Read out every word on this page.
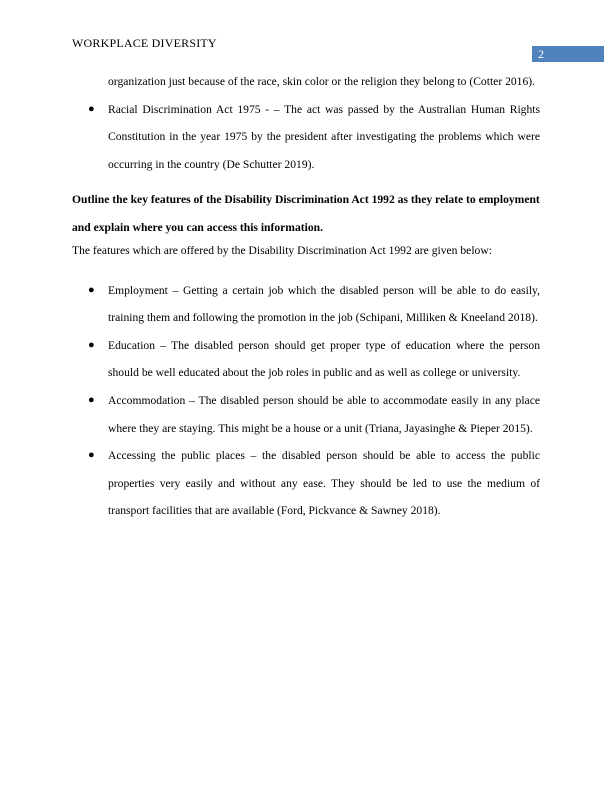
WORKPLACE DIVERSITY
2

organization just because of the race, skin color or the religion they belong to (Cotter 2016).

● Racial Discrimination Act 1975 - – The act was passed by the Australian Human Rights Constitution in the year 1975 by the president after investigating the problems which were occurring in the country (De Schutter 2019).

Outline the key features of the Disability Discrimination Act 1992 as they relate to employment and explain where you can access this information.

The features which are offered by the Disability Discrimination Act 1992 are given below:

● Employment – Getting a certain job which the disabled person will be able to do easily, training them and following the promotion in the job (Schipani, Milliken & Kneeland 2018).
● Education – The disabled person should get proper type of education where the person should be well educated about the job roles in public and as well as college or university.
● Accommodation – The disabled person should be able to accommodate easily in any place where they are staying. This might be a house or a unit (Triana, Jayasinghe & Pieper 2015).
● Accessing the public places – the disabled person should be able to access the public properties very easily and without any ease. They should be led to use the medium of transport facilities that are available (Ford, Pickvance & Sawney 2018).
